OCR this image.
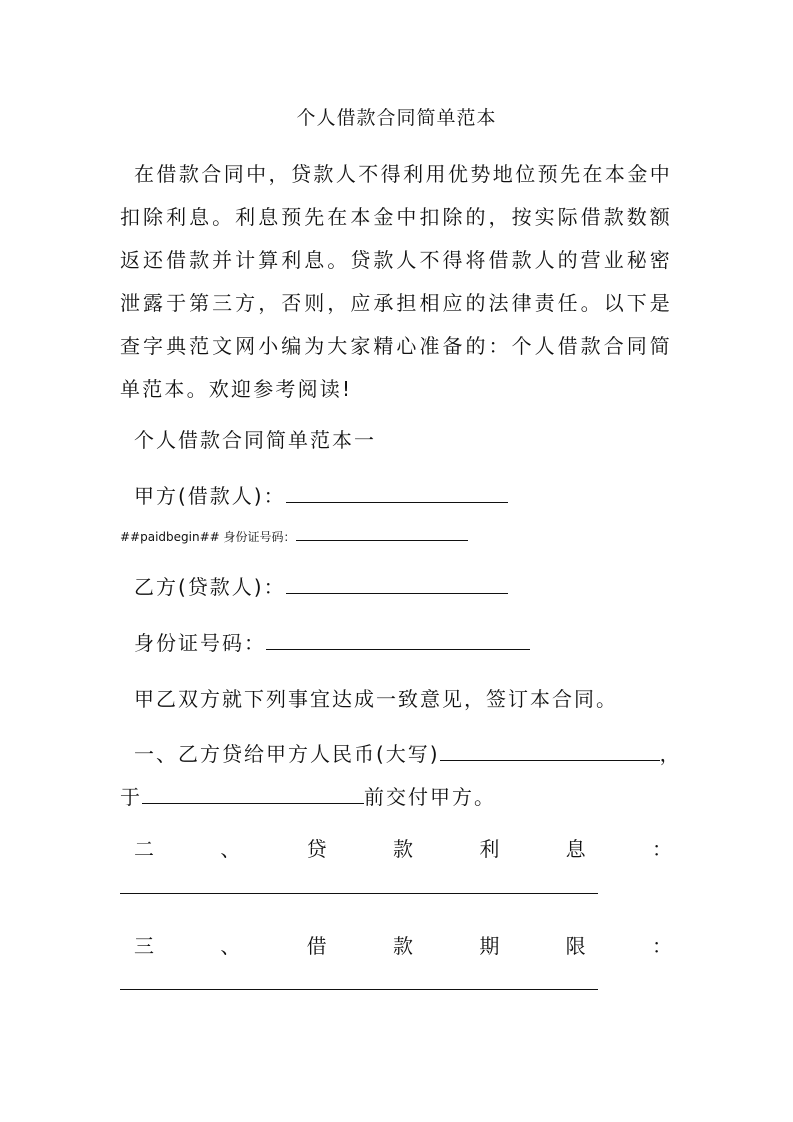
个人借款合同简单范本
在借款合同中，贷款人不得利用优势地位预先在本金中扣除利息。利息预先在本金中扣除的，按实际借款数额返还借款并计算利息。贷款人不得将借款人的营业秘密泄露于第三方，否则，应承担相应的法律责任。以下是查字典范文网小编为大家精心准备的：个人借款合同简单范本。欢迎参考阅读!
个人借款合同简单范本一
甲方(借款人)：
##paidbegin## 身份证号码：
乙方(贷款人)：
身份证号码：
甲乙双方就下列事宜达成一致意见，签订本合同。
一、乙方贷给甲方人民币(大写)	，
于	前交付甲方。
二	、	贷	款	利	息	：
三	、	借	款	期	限	：
